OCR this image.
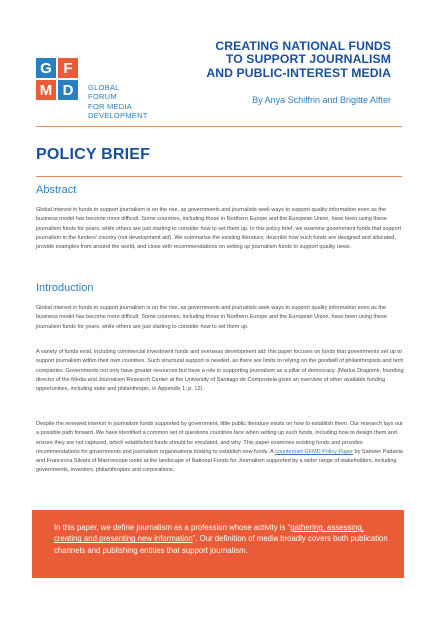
G F
M D	GLOBAL
FORUM
FOR MEDIA
DEVELOPMENT
CREATING NATIONAL FUNDS
TO SUPPORT JOURNALISM
AND PUBLIC-INTEREST MEDIA
By Anya Schiffrin and Brigitte Alfter
POLICY BRIEF
Abstract
Global interest in funds to support journalism is on the rise, as governments and journalists seek ways to support quality information even as the business model has become more difficult. Some countries, including those in Northern Europe and the European Union, have been using these journalism funds for years, while others are just starting to consider how to set them up. In this policy brief, we examine government funds that support journalism in the funders' country (not development aid). We summarise the existing literature, describe how such funds are designed and allocated, provide examples from around the world, and close with recommendations on setting up journalism funds to support quality news.
Introduction
Global interest in funds to support journalism is on the rise, as governments and journalists seek ways to support quality information even as the business model has become more difficult. Some countries, including those in Northern Europe and the European Union, have been using these journalism funds for years, while others are just starting to consider how to set them up.
A variety of funds exist, including commercial investment funds and overseas development aid; this paper focuses on funds that governments set up to support journalism within their own countries. Such structural support is needed, as there are limits to relying on the goodwill of philanthropists and tech companies. Governments not only have greater resources but have a role in supporting journalism as a pillar of democracy. (Marius Dragomir, founding director of the Media and Journalism Research Center at the University of Santiago de Compostela gives an overview of other available funding opportunities, including state and philanthropic, in Appendix 1, p. 12).
Despite the renewed interest in journalism funds supported by government, little public literature exists on how to establish them. Our research lays out a possible path forward. We have identified a common set of questions countries face when setting up such funds, including how to design them and ensure they are not captured, which established funds should be emulated, and why. This paper examines existing funds and provides recommendations for governments and journalism organisations looking to establish new funds. A counterpart GFMD Policy Paper by Sameer Padania and Francesca Silvani of Macroscope looks at the landscape of National Funds for Journalism supported by a wider range of stakeholders, including governments, investors, philanthropies and corporations.
In this paper, we define journalism as a profession whose activity is “gathering, assessing, creating and presenting new information”. Our definition of media broadly covers both publication channels and publishing entities that support journalism.
